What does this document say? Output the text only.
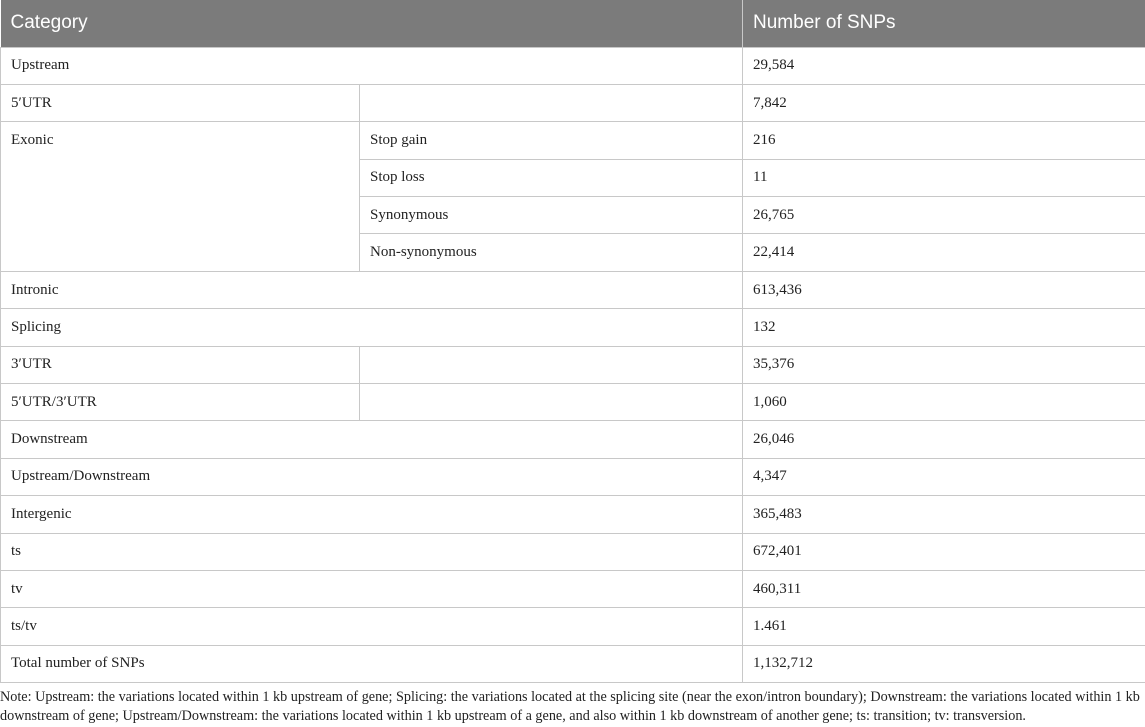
Category		Number of SNPs
Upstream		29,584
5′UTR		7,842
Exonic	Stop gain	216
	Stop loss	11
	Synonymous	26,765
	Non-synonymous	22,414
Intronic		613,436
Splicing		132
3′UTR		35,376
5′UTR/3′UTR		1,060
Downstream		26,046
Upstream/Downstream		4,347
Intergenic		365,483
ts		672,401
tv		460,311
ts/tv		1.461
Total number of SNPs		1,132,712

Note: Upstream: the variations located within 1 kb upstream of gene; Splicing: the variations located at the splicing site (near the exon/intron boundary); Downstream: the variations located within 1 kb downstream of gene; Upstream/Downstream: the variations located within 1 kb upstream of a gene, and also within 1 kb downstream of another gene; ts: transition; tv: transversion.
